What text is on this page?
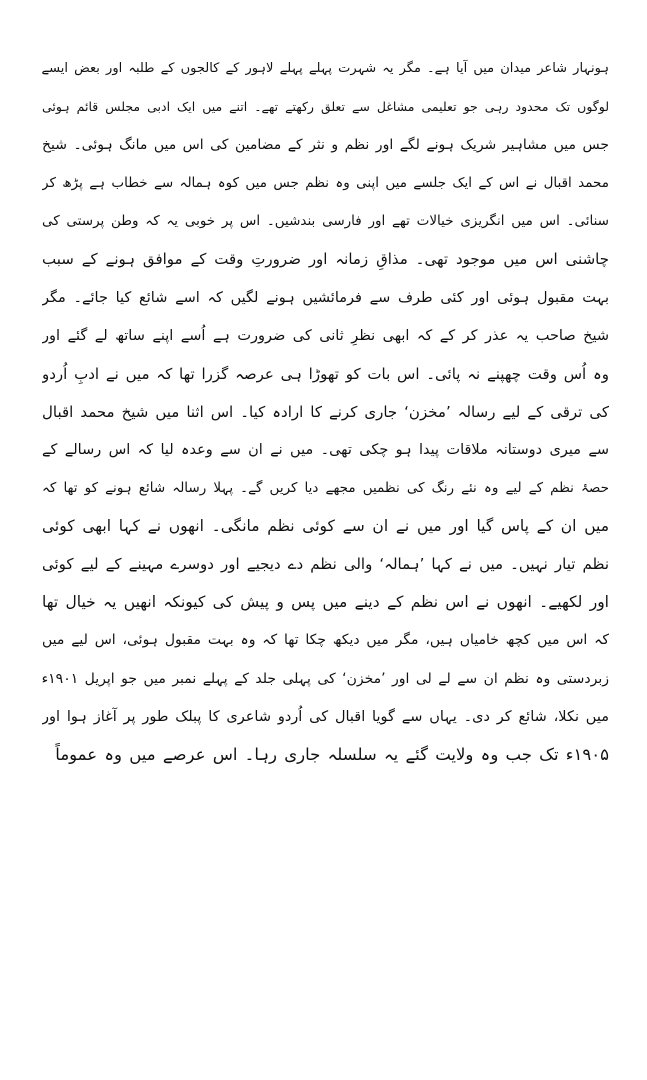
ہونہار شاعر میدان میں آیا ہے۔ مگر یہ شہرت پہلے پہلے لاہور کے کالجوں کے طلبہ اور بعض ایسے
لوگوں تک محدود رہی جو تعلیمی مشاغل سے تعلق رکھتے تھے۔ اتنے میں ایک ادبی مجلس قائم ہوئی
جس میں مشاہیر شریک ہونے لگے اور نظم و نثر کے مضامین کی اس میں مانگ ہوئی۔ شیخ
محمد اقبال نے اس کے ایک جلسے میں اپنی وہ نظم جس میں کوہ ہمالہ سے خطاب ہے پڑھ کر
سنائی۔ اس میں انگریزی خیالات تھے اور فارسی بندشیں۔ اس پر خوبی یہ کہ وطن پرستی کی
چاشنی اس میں موجود تھی۔ مذاقِ زمانہ اور ضرورتِ وقت کے موافق ہونے کے سبب
بہت مقبول ہوئی اور کئی طرف سے فرمائشیں ہونے لگیں کہ اسے شائع کیا جائے۔ مگر
شیخ صاحب یہ عذر کر کے کہ ابھی نظرِ ثانی کی ضرورت ہے اُسے اپنے ساتھ لے گئے اور
وہ اُس وقت چھپنے نہ پائی۔ اس بات کو تھوڑا ہی عرصہ گزرا تھا کہ میں نے ادبِ اُردو
کی ترقی کے لیے رسالہ ’مخزن‘ جاری کرنے کا ارادہ کیا۔ اس اثنا میں شیخ محمد اقبال
سے میری دوستانہ ملاقات پیدا ہو چکی تھی۔ میں نے ان سے وعدہ لیا کہ اس رسالے کے
حصۂ نظم کے لیے وہ نئے رنگ کی نظمیں مجھے دیا کریں گے۔ پہلا رسالہ شائع ہونے کو تھا کہ
میں ان کے پاس گیا اور میں نے ان سے کوئی نظم مانگی۔ انھوں نے کہا ابھی کوئی
نظم تیار نہیں۔ میں نے کہا ’ہمالہ‘ والی نظم دے دیجیے اور دوسرے مہینے کے لیے کوئی
اور لکھیے۔ انھوں نے اس نظم کے دینے میں پس و پیش کی کیونکہ انھیں یہ خیال تھا
کہ اس میں کچھ خامیاں ہیں، مگر میں دیکھ چکا تھا کہ وہ بہت مقبول ہوئی، اس لیے میں
زبردستی وہ نظم ان سے لے لی اور ’مخزن‘ کی پہلی جلد کے پہلے نمبر میں جو اپریل ۱۹۰۱ء
میں نکلا، شائع کر دی۔ یہاں سے گویا اقبال کی اُردو شاعری کا پبلک طور پر آغاز ہوا اور
۱۹۰۵ء تک جب وہ ولایت گئے یہ سلسلہ جاری رہا۔ اس عرصے میں وہ عموماً
